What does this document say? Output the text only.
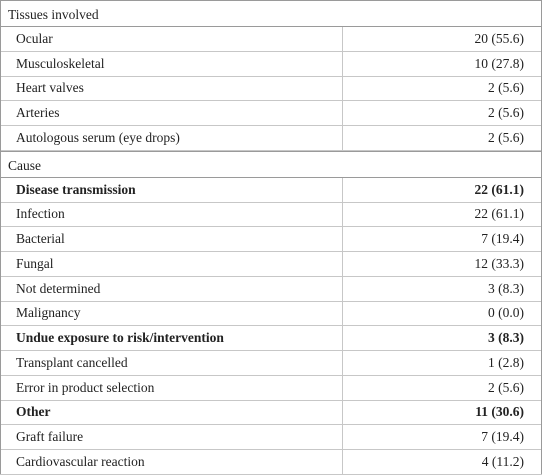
Tissues involved
Ocular	20 (55.6)
Musculoskeletal	10 (27.8)
Heart valves	2 (5.6)
Arteries	2 (5.6)
Autologous serum (eye drops)	2 (5.6)
Cause
Disease transmission	22 (61.1)
Infection	22 (61.1)
Bacterial	7 (19.4)
Fungal	12 (33.3)
Not determined	3 (8.3)
Malignancy	0 (0.0)
Undue exposure to risk/intervention	3 (8.3)
Transplant cancelled	1 (2.8)
Error in product selection	2 (5.6)
Other	11 (30.6)
Graft failure	7 (19.4)
Cardiovascular reaction	4 (11.2)
